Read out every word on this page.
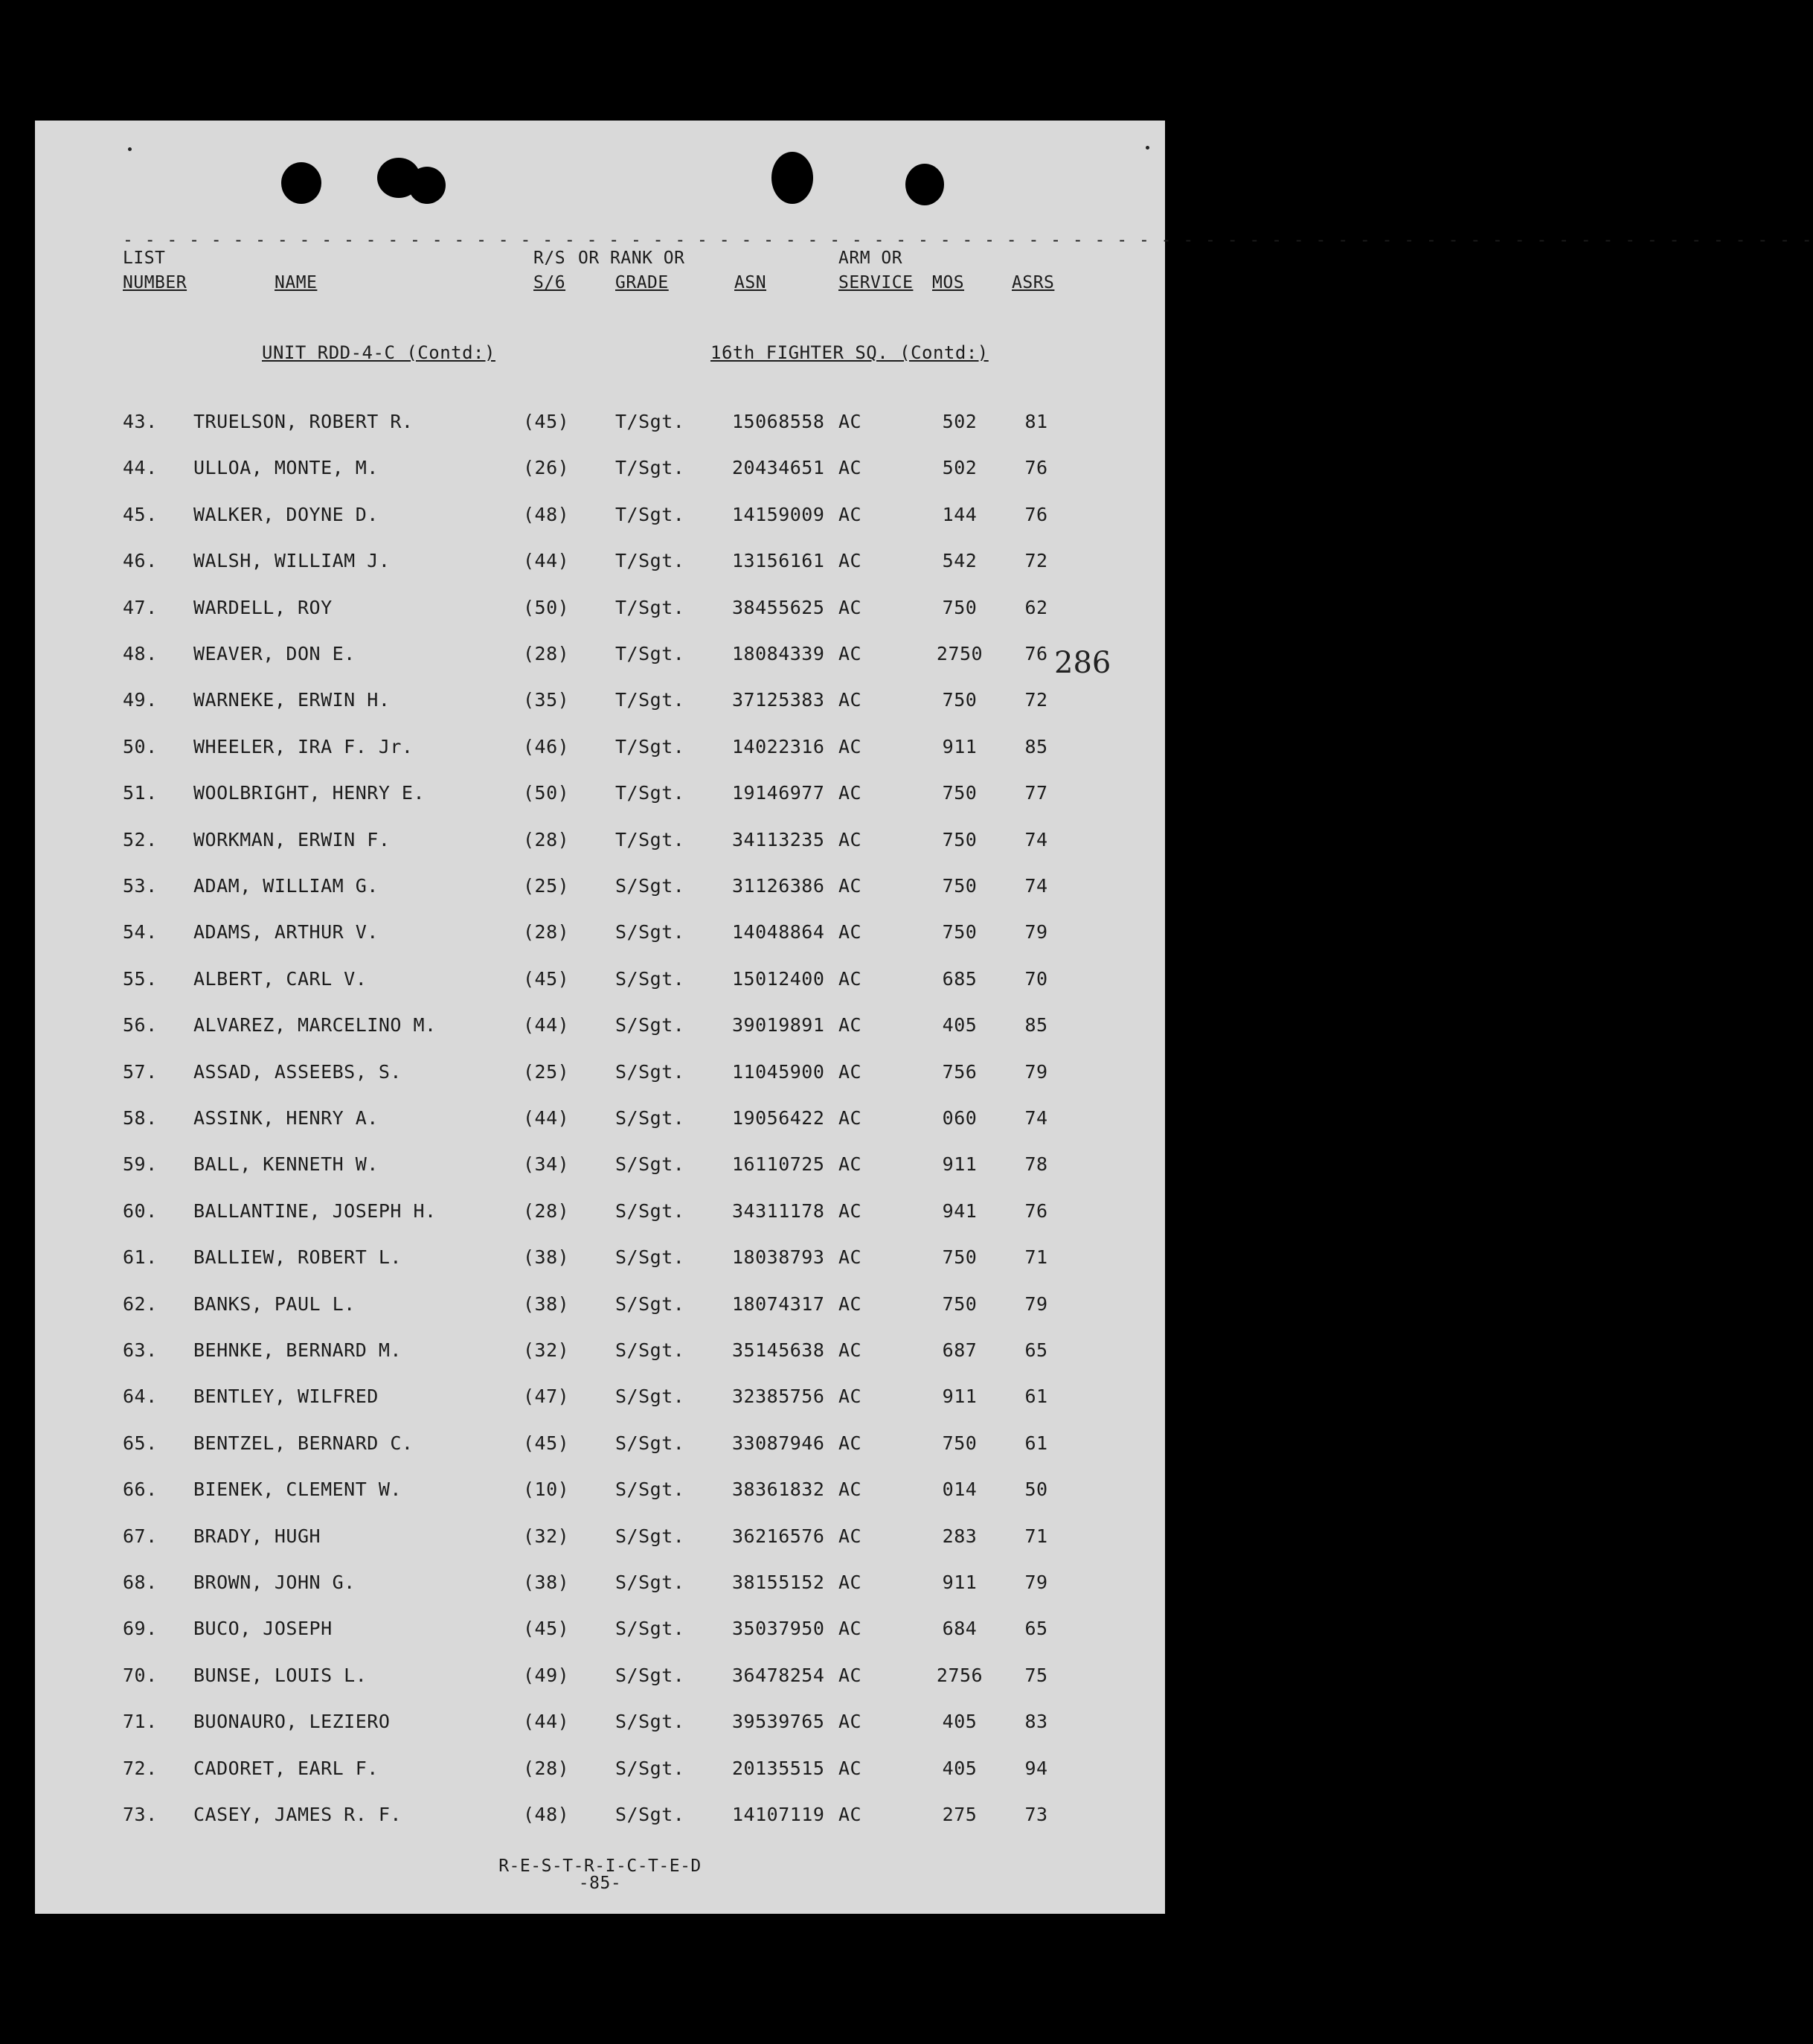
- - - - - - - - - - - - - - - - - - - - - - - - - - - - - - - - - - - - - - - - - - - - - - - - - - - - - - - - - - - - - - - - - - - - - - - - - - - - -
LIST	R/S OR RANK OR	ARM OR
NUMBER	NAME	S/6	GRADE	ASN	SERVICE MOS	ASRS

UNIT RDD-4-C (Contd:)	16th FIGHTER SQ. (Contd:)
286
43. TRUELSON, ROBERT R.	(45) T/Sgt.	15068558 AC	502	81
44. ULLOA, MONTE, M.	(26) T/Sgt.	20434651 AC	502	76
45. WALKER, DOYNE D.	(48) T/Sgt.	14159009 AC	144	76
46. WALSH, WILLIAM J.	(44) T/Sgt.	13156161 AC	542	72
47. WARDELL, ROY	(50) T/Sgt.	38455625 AC	750	62
48. WEAVER, DON E.	(28) T/Sgt.	18084339 AC	2750	76
49. WARNEKE, ERWIN H.	(35) T/Sgt.	37125383 AC	750	72
50. WHEELER, IRA F. Jr.	(46) T/Sgt.	14022316 AC	911	85
51. WOOLBRIGHT, HENRY E.	(50) T/Sgt.	19146977 AC	750	77
52. WORKMAN, ERWIN F.	(28) T/Sgt.	34113235 AC	750	74
53. ADAM, WILLIAM G.	(25) S/Sgt.	31126386 AC	750	74
54. ADAMS, ARTHUR V.	(28) S/Sgt.	14048864 AC	750	79
55. ALBERT, CARL V.	(45) S/Sgt.	15012400 AC	685	70
56. ALVAREZ, MARCELINO M.	(44) S/Sgt.	39019891 AC	405	85
57. ASSAD, ASSEEBS, S.	(25) S/Sgt.	11045900 AC	756	79
58. ASSINK, HENRY A.	(44) S/Sgt.	19056422 AC	060	74
59. BALL, KENNETH W.	(34) S/Sgt.	16110725 AC	911	78
60. BALLANTINE, JOSEPH H.	(28) S/Sgt.	34311178 AC	941	76
61. BALLIEW, ROBERT L.	(38) S/Sgt.	18038793 AC	750	71
62. BANKS, PAUL L.	(38) S/Sgt.	18074317 AC	750	79
63. BEHNKE, BERNARD M.	(32) S/Sgt.	35145638 AC	687	65
64. BENTLEY, WILFRED	(47) S/Sgt.	32385756 AC	911	61
65. BENTZEL, BERNARD C.	(45) S/Sgt.	33087946 AC	750	61
66. BIENEK, CLEMENT W.	(10) S/Sgt.	38361832 AC	014	50
67. BRADY, HUGH	(32) S/Sgt.	36216576 AC	283	71
68. BROWN, JOHN G.	(38) S/Sgt.	38155152 AC	911	79
69. BUCO, JOSEPH	(45) S/Sgt.	35037950 AC	684	65
70. BUNSE, LOUIS L.	(49) S/Sgt.	36478254 AC	2756	75
71. BUONAURO, LEZIERO	(44) S/Sgt.	39539765 AC	405	83
72. CADORET, EARL F.	(28) S/Sgt.	20135515 AC	405	94
73. CASEY, JAMES R. F.	(48) S/Sgt.	14107119 AC	275	73
R-E-S-T-R-I-C-T-E-D
-85-
